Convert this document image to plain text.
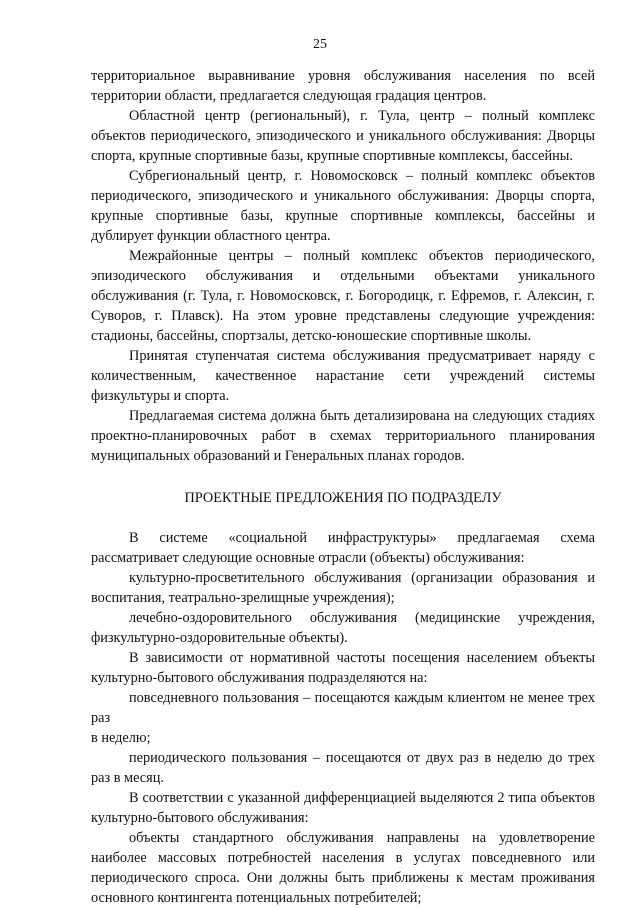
25

территориальное выравнивание уровня обслуживания населения по всей территории области, предлагается следующая градация центров.

Областной центр (региональный), г. Тула, центр – полный комплекс объектов периодического, эпизодического и уникального обслуживания: Дворцы спорта, крупные спортивные базы, крупные спортивные комплексы, бассейны.

Субрегиональный центр, г. Новомосковск – полный комплекс объектов периодического, эпизодического и уникального обслуживания: Дворцы спорта, крупные спортивные базы, крупные спортивные комплексы, бассейны и дублирует функции областного центра.

Межрайонные центры – полный комплекс объектов периодического, эпизодического обслуживания и отдельными объектами уникального обслуживания (г. Тула, г. Новомосковск, г. Богородицк, г. Ефремов, г. Алексин, г. Суворов, г. Плавск). На этом уровне представлены следующие учреждения: стадионы, бассейны, спортзалы, детско-юношеские спортивные школы.

Принятая ступенчатая система обслуживания предусматривает наряду с количественным, качественное нарастание сети учреждений системы физкультуры и спорта.

Предлагаемая система должна быть детализирована на следующих стадиях проектно-планировочных работ в схемах территориального планирования муниципальных образований и Генеральных планах городов.

ПРОЕКТНЫЕ ПРЕДЛОЖЕНИЯ ПО ПОДРАЗДЕЛУ

В системе «социальной инфраструктуры» предлагаемая схема рассматривает следующие основные отрасли (объекты) обслуживания:

культурно-просветительного обслуживания (организации образования и воспитания, театрально-зрелищные учреждения);

лечебно-оздоровительного обслуживания (медицинские учреждения, физкультурно-оздоровительные объекты).

В зависимости от нормативной частоты посещения населением объекты культурно-бытового обслуживания подразделяются на:

повседневного пользования – посещаются каждым клиентом не менее трех раз

в неделю;

периодического пользования – посещаются от двух раз в неделю до трех раз в месяц.

В соответствии с указанной дифференциацией выделяются 2 типа объектов культурно-бытового обслуживания:

объекты стандартного обслуживания направлены на удовлетворение наиболее массовых потребностей населения в услугах повседневного или периодического спроса. Они должны быть приближены к местам проживания основного контингента потенциальных потребителей;
